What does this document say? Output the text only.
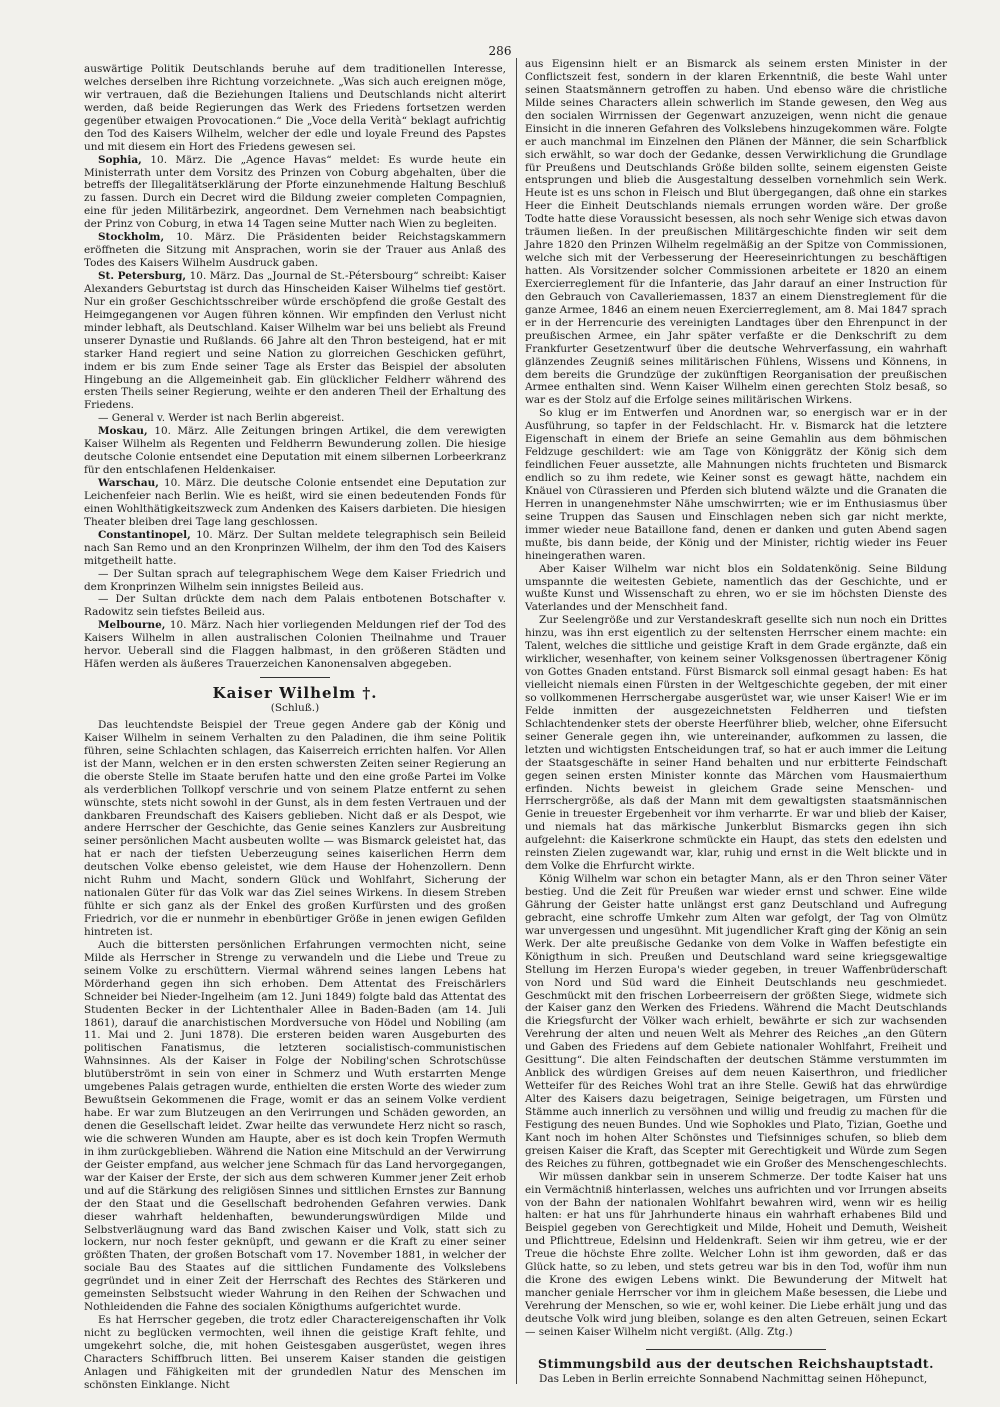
286

auswärtige Politik Deutschlands beruhe auf dem traditionellen Interesse, welches derselben ihre Richtung vorzeichnete. „Was sich auch ereignen möge, wir vertrauen, daß die Beziehungen Italiens und Deutschlands nicht alterirt werden, daß beide Regierungen das Werk des Friedens fortsetzen werden gegenüber etwaigen Provocationen.“ Die „Voce della Verità“ beklagt aufrichtig den Tod des Kaisers Wilhelm, welcher der edle und loyale Freund des Papstes und mit diesem ein Hort des Friedens gewesen sei.

Sophia, 10. März. Die „Agence Havas“ meldet: Es wurde heute ein Ministerrath unter dem Vorsitz des Prinzen von Coburg abgehalten, über die betreffs der Illegalitätserklärung der Pforte einzunehmende Haltung Beschluß zu fassen. Durch ein Decret wird die Bildung zweier completen Compagnien, eine für jeden Militärbezirk, angeordnet. Dem Vernehmen nach beabsichtigt der Prinz von Coburg, in etwa 14 Tagen seine Mutter nach Wien zu begleiten.

Stockholm, 10. März. Die Präsidenten beider Reichstagskammern eröffneten die Sitzung mit Ansprachen, worin sie der Trauer aus Anlaß des Todes des Kaisers Wilhelm Ausdruck gaben.

St. Petersburg, 10. März. Das „Journal de St.-Pétersbourg“ schreibt: Kaiser Alexanders Geburtstag ist durch das Hinscheiden Kaiser Wilhelms tief gestört. Nur ein großer Geschichtsschreiber würde erschöpfend die große Gestalt des Heimgegangenen vor Augen führen können. Wir empfinden den Verlust nicht minder lebhaft, als Deutschland. Kaiser Wilhelm war bei uns beliebt als Freund unserer Dynastie und Rußlands. 66 Jahre alt den Thron besteigend, hat er mit starker Hand regiert und seine Nation zu glorreichen Geschicken geführt, indem er bis zum Ende seiner Tage als Erster das Beispiel der absoluten Hingebung an die Allgemeinheit gab. Ein glücklicher Feldherr während des ersten Theils seiner Regierung, weihte er den anderen Theil der Erhaltung des Friedens.

— General v. Werder ist nach Berlin abgereist.

Moskau, 10. März. Alle Zeitungen bringen Artikel, die dem verewigten Kaiser Wilhelm als Regenten und Feldherrn Bewunderung zollen. Die hiesige deutsche Colonie entsendet eine Deputation mit einem silbernen Lorbeerkranz für den entschlafenen Heldenkaiser.

Warschau, 10. März. Die deutsche Colonie entsendet eine Deputation zur Leichenfeier nach Berlin. Wie es heißt, wird sie einen bedeutenden Fonds für einen Wohlthätigkeitszweck zum Andenken des Kaisers darbieten. Die hiesigen Theater bleiben drei Tage lang geschlossen.

Constantinopel, 10. März. Der Sultan meldete telegraphisch sein Beileid nach San Remo und an den Kronprinzen Wilhelm, der ihm den Tod des Kaisers mitgetheilt hatte.

— Der Sultan sprach auf telegraphischem Wege dem Kaiser Friedrich und dem Kronprinzen Wilhelm sein innigstes Beileid aus.

— Der Sultan drückte dem nach dem Palais entbotenen Botschafter v. Radowitz sein tiefstes Beileid aus.

Melbourne, 10. März. Nach hier vorliegenden Meldungen rief der Tod des Kaisers Wilhelm in allen australischen Colonien Theilnahme und Trauer hervor. Ueberall sind die Flaggen halbmast, in den größeren Städten und Häfen werden als äußeres Trauerzeichen Kanonensalven abgegeben.

Kaiser Wilhelm †.
(Schluß.)

Das leuchtendste Beispiel der Treue gegen Andere gab der König und Kaiser Wilhelm in seinem Verhalten zu den Paladinen, die ihm seine Politik führen, seine Schlachten schlagen, das Kaiserreich errichten halfen. Vor Allen ist der Mann, welchen er in den ersten schwersten Zeiten seiner Regierung an die oberste Stelle im Staate berufen hatte und den eine große Partei im Volke als verderblichen Tollkopf verschrie und von seinem Platze entfernt zu sehen wünschte, stets nicht sowohl in der Gunst, als in dem festen Vertrauen und der dankbaren Freundschaft des Kaisers geblieben. Nicht daß er als Despot, wie andere Herrscher der Geschichte, das Genie seines Kanzlers zur Ausbreitung seiner persönlichen Macht ausbeuten wollte — was Bismarck geleistet hat, das hat er nach der tiefsten Ueberzeugung seines kaiserlichen Herrn dem deutschen Volke ebenso geleistet, wie dem Hause der Hohenzollern. Denn nicht Ruhm und Macht, sondern Glück und Wohlfahrt, Sicherung der nationalen Güter für das Volk war das Ziel seines Wirkens. In diesem Streben fühlte er sich ganz als der Enkel des großen Kurfürsten und des großen Friedrich, vor die er nunmehr in ebenbürtiger Größe in jenen ewigen Gefilden hintreten ist.

Auch die bittersten persönlichen Erfahrungen vermochten nicht, seine Milde als Herrscher in Strenge zu verwandeln und die Liebe und Treue zu seinem Volke zu erschüttern. Viermal während seines langen Lebens hat Mörderhand gegen ihn sich erhoben. Dem Attentat des Freischärlers Schneider bei Nieder-Ingelheim (am 12. Juni 1849) folgte bald das Attentat des Studenten Becker in der Lichtenthaler Allee in Baden-Baden (am 14. Juli 1861), darauf die anarchistischen Mordversuche von Hödel und Nobiling (am 11. Mai und 2. Juni 1878). Die ersteren beiden waren Ausgeburten des politischen Fanatismus, die letzteren socialistisch-communistischen Wahnsinnes. Als der Kaiser in Folge der Nobiling'schen Schrotschüsse blutüberströmt in sein von einer in Schmerz und Wuth erstarrten Menge umgebenes Palais getragen wurde, enthielten die ersten Worte des wieder zum Bewußtsein Gekommenen die Frage, womit er das an seinem Volke verdient habe. Er war zum Blutzeugen an den Verirrungen und Schäden geworden, an denen die Gesellschaft leidet. Zwar heilte das verwundete Herz nicht so rasch, wie die schweren Wunden am Haupte, aber es ist doch kein Tropfen Wermuth in ihm zurückgeblieben. Während die Nation eine Mitschuld an der Verwirrung der Geister empfand, aus welcher jene Schmach für das Land hervorgegangen, war der Kaiser der Erste, der sich aus dem schweren Kummer jener Zeit erhob und auf die Stärkung des religiösen Sinnes und sittlichen Ernstes zur Bannung der den Staat und die Gesellschaft bedrohenden Gefahren verwies. Dank dieser wahrhaft heldenhaften, bewunderungswürdigen Milde und Selbstverläugnung ward das Band zwischen Kaiser und Volk, statt sich zu lockern, nur noch fester geknüpft, und gewann er die Kraft zu einer seiner größten Thaten, der großen Botschaft vom 17. November 1881, in welcher der sociale Bau des Staates auf die sittlichen Fundamente des Volkslebens gegründet und in einer Zeit der Herrschaft des Rechtes des Stärkeren und gemeinsten Selbstsucht wieder Wahrung in den Reihen der Schwachen und Nothleidenden die Fahne des socialen Königthums aufgerichtet wurde.

Es hat Herrscher gegeben, die trotz edler Charactereigenschaften ihr Volk nicht zu beglücken vermochten, weil ihnen die geistige Kraft fehlte, und umgekehrt solche, die, mit hohen Geistesgaben ausgerüstet, wegen ihres Characters Schiffbruch litten. Bei unserem Kaiser standen die geistigen Anlagen und Fähigkeiten mit der grundedlen Natur des Menschen im schönsten Einklange. Nicht

aus Eigensinn hielt er an Bismarck als seinem ersten Minister in der Conflictszeit fest, sondern in der klaren Erkenntniß, die beste Wahl unter seinen Staatsmännern getroffen zu haben. Und ebenso wäre die christliche Milde seines Characters allein schwerlich im Stande gewesen, den Weg aus den socialen Wirrnissen der Gegenwart anzuzeigen, wenn nicht die genaue Einsicht in die inneren Gefahren des Volkslebens hinzugekommen wäre. Folgte er auch manchmal im Einzelnen den Plänen der Männer, die sein Scharfblick sich erwählt, so war doch der Gedanke, dessen Verwirklichung die Grundlage für Preußens und Deutschlands Größe bilden sollte, seinem eigensten Geiste entsprungen und blieb die Ausgestaltung desselben vornehmlich sein Werk. Heute ist es uns schon in Fleisch und Blut übergegangen, daß ohne ein starkes Heer die Einheit Deutschlands niemals errungen worden wäre. Der große Todte hatte diese Voraussicht besessen, als noch sehr Wenige sich etwas davon träumen ließen. In der preußischen Militärgeschichte finden wir seit dem Jahre 1820 den Prinzen Wilhelm regelmäßig an der Spitze von Commissionen, welche sich mit der Verbesserung der Heereseinrichtungen zu beschäftigen hatten. Als Vorsitzender solcher Commissionen arbeitete er 1820 an einem Exercierreglement für die Infanterie, das Jahr darauf an einer Instruction für den Gebrauch von Cavalleriemassen, 1837 an einem Dienstreglement für die ganze Armee, 1846 an einem neuen Exercierreglement, am 8. Mai 1847 sprach er in der Herrencurie des vereinigten Landtages über den Ehrenpunct in der preußischen Armee, ein Jahr später verfaßte er die Denkschrift zu dem Frankfurter Gesetzentwurf über die deutsche Wehrverfassung, ein wahrhaft glänzendes Zeugniß seines militärischen Fühlens, Wissens und Könnens, in dem bereits die Grundzüge der zukünftigen Reorganisation der preußischen Armee enthalten sind. Wenn Kaiser Wilhelm einen gerechten Stolz besaß, so war es der Stolz auf die Erfolge seines militärischen Wirkens.

So klug er im Entwerfen und Anordnen war, so energisch war er in der Ausführung, so tapfer in der Feldschlacht. Hr. v. Bismarck hat die letztere Eigenschaft in einem der Briefe an seine Gemahlin aus dem böhmischen Feldzuge geschildert: wie am Tage von Königgrätz der König sich dem feindlichen Feuer aussetzte, alle Mahnungen nichts fruchteten und Bismarck endlich so zu ihm redete, wie Keiner sonst es gewagt hätte, nachdem ein Knäuel von Cürassieren und Pferden sich blutend wälzte und die Granaten die Herren in unangenehmster Nähe umschwirrten; wie er im Enthusiasmus über seine Truppen das Sausen und Einschlagen neben sich gar nicht merkte, immer wieder neue Bataillone fand, denen er danken und guten Abend sagen mußte, bis dann beide, der König und der Minister, richtig wieder ins Feuer hineingerathen waren.

Aber Kaiser Wilhelm war nicht blos ein Soldatenkönig. Seine Bildung umspannte die weitesten Gebiete, namentlich das der Geschichte, und er wußte Kunst und Wissenschaft zu ehren, wo er sie im höchsten Dienste des Vaterlandes und der Menschheit fand.

Zur Seelengröße und zur Verstandeskraft gesellte sich nun noch ein Drittes hinzu, was ihn erst eigentlich zu der seltensten Herrscher einem machte: ein Talent, welches die sittliche und geistige Kraft in dem Grade ergänzte, daß ein wirklicher, wesenhafter, von keinem seiner Volksgenossen übertragener König von Gottes Gnaden entstand. Fürst Bismarck soll einmal gesagt haben: Es hat vielleicht niemals einen Fürsten in der Weltgeschichte gegeben, der mit einer so vollkommenen Herrschergabe ausgerüstet war, wie unser Kaiser! Wie er im Felde inmitten der ausgezeichnetsten Feldherren und tiefsten Schlachtendenker stets der oberste Heerführer blieb, welcher, ohne Eifersucht seiner Generale gegen ihn, wie untereinander, aufkommen zu lassen, die letzten und wichtigsten Entscheidungen traf, so hat er auch immer die Leitung der Staatsgeschäfte in seiner Hand behalten und nur erbitterte Feindschaft gegen seinen ersten Minister konnte das Märchen vom Hausmaierthum erfinden. Nichts beweist in gleichem Grade seine Menschen- und Herrschergröße, als daß der Mann mit dem gewaltigsten staatsmännischen Genie in treuester Ergebenheit vor ihm verharrte. Er war und blieb der Kaiser, und niemals hat das märkische Junkerblut Bismarcks gegen ihn sich aufgelehnt: die Kaiserkrone schmückte ein Haupt, das stets den edelsten und reinsten Zielen zugewandt war, klar, ruhig und ernst in die Welt blickte und in dem Volke die Ehrfurcht wirkte.

König Wilhelm war schon ein betagter Mann, als er den Thron seiner Väter bestieg. Und die Zeit für Preußen war wieder ernst und schwer. Eine wilde Gährung der Geister hatte unlängst erst ganz Deutschland und Aufregung gebracht, eine schroffe Umkehr zum Alten war gefolgt, der Tag von Olmütz war unvergessen und ungesühnt. Mit jugendlicher Kraft ging der König an sein Werk. Der alte preußische Gedanke von dem Volke in Waffen befestigte ein Königthum in sich. Preußen und Deutschland ward seine kriegsgewaltige Stellung im Herzen Europa's wieder gegeben, in treuer Waffenbrüderschaft von Nord und Süd ward die Einheit Deutschlands neu geschmiedet. Geschmückt mit den frischen Lorbeerreisern der größten Siege, widmete sich der Kaiser ganz den Werken des Friedens. Während die Macht Deutschlands die Kriegsfurcht der Völker wach erhielt, bewährte er sich zur wachsenden Verehrung der alten und neuen Welt als Mehrer des Reiches „an den Gütern und Gaben des Friedens auf dem Gebiete nationaler Wohlfahrt, Freiheit und Gesittung“. Die alten Feindschaften der deutschen Stämme verstummten im Anblick des würdigen Greises auf dem neuen Kaiserthron, und friedlicher Wetteifer für des Reiches Wohl trat an ihre Stelle. Gewiß hat das ehrwürdige Alter des Kaisers dazu beigetragen, Seinige beigetragen, um Fürsten und Stämme auch innerlich zu versöhnen und willig und freudig zu machen für die Festigung des neuen Bundes. Und wie Sophokles und Plato, Tizian, Goethe und Kant noch im hohen Alter Schönstes und Tiefsinniges schufen, so blieb dem greisen Kaiser die Kraft, das Scepter mit Gerechtigkeit und Würde zum Segen des Reiches zu führen, gottbegnadet wie ein Großer des Menschengeschlechts.

Wir müssen dankbar sein in unserem Schmerze. Der todte Kaiser hat uns ein Vermächtniß hinterlassen, welches uns aufrichten und vor Irrungen abseits von der Bahn der nationalen Wohlfahrt bewahren wird, wenn wir es heilig halten: er hat uns für Jahrhunderte hinaus ein wahrhaft erhabenes Bild und Beispiel gegeben von Gerechtigkeit und Milde, Hoheit und Demuth, Weisheit und Pflichttreue, Edelsinn und Heldenkraft. Seien wir ihm getreu, wie er der Treue die höchste Ehre zollte. Welcher Lohn ist ihm geworden, daß er das Glück hatte, so zu leben, und stets getreu war bis in den Tod, wofür ihm nun die Krone des ewigen Lebens winkt. Die Bewunderung der Mitwelt hat mancher geniale Herrscher vor ihm in gleichem Maße besessen, die Liebe und Verehrung der Menschen, so wie er, wohl keiner. Die Liebe erhält jung und das deutsche Volk wird jung bleiben, solange es den alten Getreuen, seinen Eckart — seinen Kaiser Wilhelm nicht vergißt. (Allg. Ztg.)

Stimmungsbild aus der deutschen Reichshauptstadt.

Das Leben in Berlin erreichte Sonnabend Nachmittag seinen Höhepunct,
